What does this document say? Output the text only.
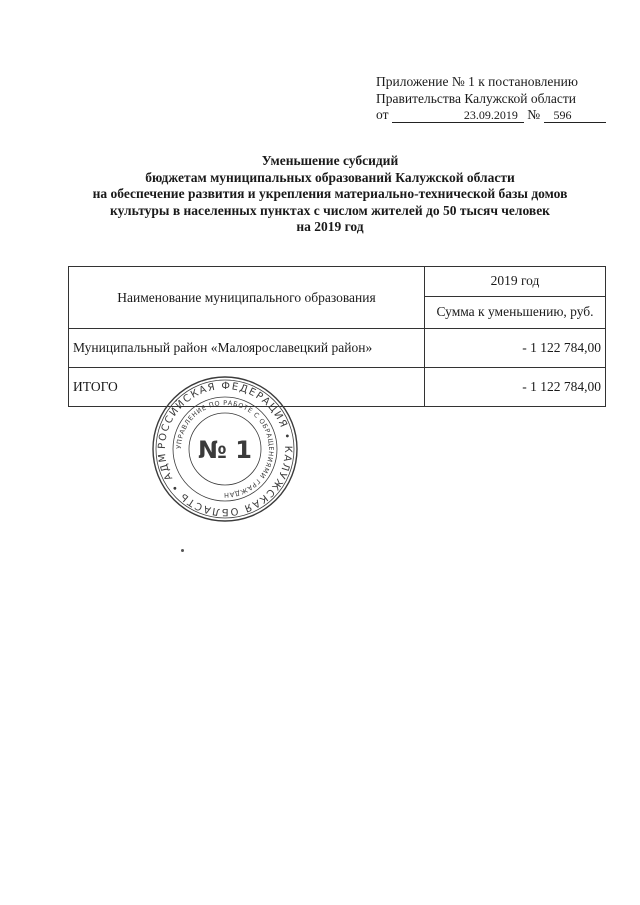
Приложение № 1 к постановлению
Правительства Калужской области
от	23.09.2019 № 596
Уменьшение субсидий
бюджетам муниципальных образований Калужской области
на обеспечение развития и укрепления материально-технической базы домов
культуры в населенных пунктах с числом жителей до 50 тысяч человек
на 2019 год
Наименование муниципального образования	2019 год
	Сумма к уменьшению, руб.
Муниципальный район «Малоярославецкий район»	- 1 122 784,00
ИТОГО	- 1 122 784,00
РОССИЙСКАЯ ФЕДЕРАЦИЯ • КАЛУЖСКАЯ ОБЛАСТЬ • АДМ
УПРАВЛЕНИЕ ПО РАБОТЕ С ОБРАЩЕНИЯМИ ГРАЖДАН
№ 1
